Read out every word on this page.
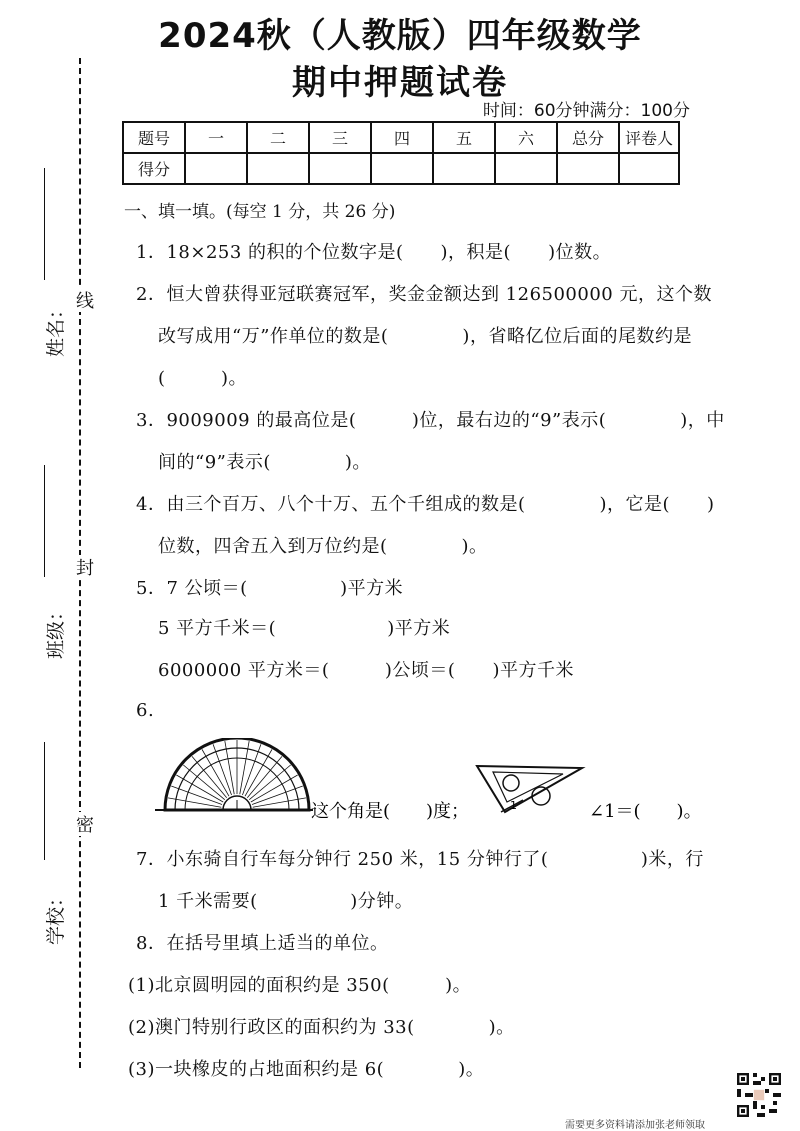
2024秋（人教版）四年级数学
期中押题试卷
时间：60分钟满分：100分
题号	一	二	三	四	五	六	总分	评卷人
得分								
线
封
密
姓名：
班级：
学校：
一、填一填。(每空 1 分，共 26 分)
1．18×253 的积的个位数字是(　　)，积是(　　)位数。
2．恒大曾获得亚冠联赛冠军，奖金金额达到 126500000 元，这个数
改写成用“万”作单位的数是(　　　　)，省略亿位后面的尾数约是
(　　　)。
3．9009009 的最高位是(　　　)位，最右边的“9”表示(　　　　)，中
间的“9”表示(　　　　)。
4．由三个百万、八个十万、五个千组成的数是(　　　　)，它是(　　)
位数，四舍五入到万位约是(　　　　)。
5．7 公顷＝(　　　　　)平方米
5 平方千米＝(　　　　　　)平方米
6000000 平方米＝(　　　)公顷＝(　　)平方千米
6.
这个角是(　　)度；	1	∠1＝(　　)。
7．小东骑自行车每分钟行 250 米，15 分钟行了(　　　　　)米，行
1 千米需要(　　　　　)分钟。
8．在括号里填上适当的单位。
(1)北京圆明园的面积约是 350(　　　)。
(2)澳门特别行政区的面积约为 33(　　　　)。
(3)一块橡皮的占地面积约是 6(　　　　)。
需要更多资料请添加张老师领取
